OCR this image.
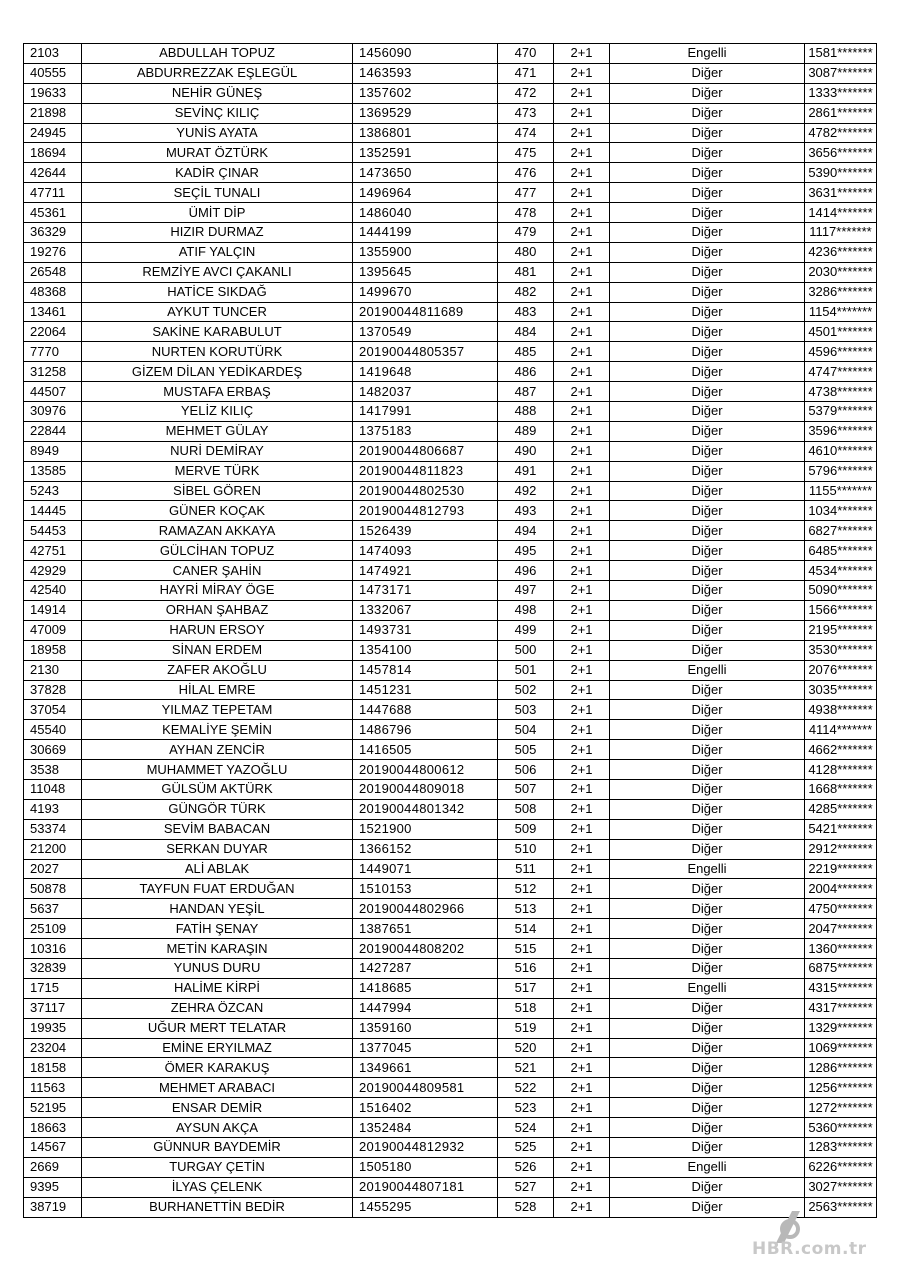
2103	ABDULLAH TOPUZ	1456090	470	2+1	Engelli	1581*******
40555	ABDURREZZAK EŞLEGÜL	1463593	471	2+1	Diğer	3087*******
19633	NEHİR GÜNEŞ	1357602	472	2+1	Diğer	1333*******
21898	SEVİNÇ KILIÇ	1369529	473	2+1	Diğer	2861*******
24945	YUNİS AYATA	1386801	474	2+1	Diğer	4782*******
18694	MURAT ÖZTÜRK	1352591	475	2+1	Diğer	3656*******
42644	KADİR ÇINAR	1473650	476	2+1	Diğer	5390*******
47711	SEÇİL TUNALI	1496964	477	2+1	Diğer	3631*******
45361	ÜMİT DİP	1486040	478	2+1	Diğer	1414*******
36329	HIZIR DURMAZ	1444199	479	2+1	Diğer	1117*******
19276	ATIF YALÇIN	1355900	480	2+1	Diğer	4236*******
26548	REMZİYE AVCI ÇAKANLI	1395645	481	2+1	Diğer	2030*******
48368	HATİCE SIKDAĞ	1499670	482	2+1	Diğer	3286*******
13461	AYKUT TUNCER	20190044811689	483	2+1	Diğer	1154*******
22064	SAKİNE KARABULUT	1370549	484	2+1	Diğer	4501*******
7770	NURTEN KORUTÜRK	20190044805357	485	2+1	Diğer	4596*******
31258	GİZEM DİLAN YEDİKARDEŞ	1419648	486	2+1	Diğer	4747*******
44507	MUSTAFA ERBAŞ	1482037	487	2+1	Diğer	4738*******
30976	YELİZ KILIÇ	1417991	488	2+1	Diğer	5379*******
22844	MEHMET GÜLAY	1375183	489	2+1	Diğer	3596*******
8949	NURİ DEMİRAY	20190044806687	490	2+1	Diğer	4610*******
13585	MERVE TÜRK	20190044811823	491	2+1	Diğer	5796*******
5243	SİBEL GÖREN	20190044802530	492	2+1	Diğer	1155*******
14445	GÜNER KOÇAK	20190044812793	493	2+1	Diğer	1034*******
54453	RAMAZAN AKKAYA	1526439	494	2+1	Diğer	6827*******
42751	GÜLCİHAN TOPUZ	1474093	495	2+1	Diğer	6485*******
42929	CANER ŞAHİN	1474921	496	2+1	Diğer	4534*******
42540	HAYRİ MİRAY ÖGE	1473171	497	2+1	Diğer	5090*******
14914	ORHAN ŞAHBAZ	1332067	498	2+1	Diğer	1566*******
47009	HARUN ERSOY	1493731	499	2+1	Diğer	2195*******
18958	SİNAN ERDEM	1354100	500	2+1	Diğer	3530*******
2130	ZAFER AKOĞLU	1457814	501	2+1	Engelli	2076*******
37828	HİLAL EMRE	1451231	502	2+1	Diğer	3035*******
37054	YILMAZ TEPETAM	1447688	503	2+1	Diğer	4938*******
45540	KEMALİYE ŞEMİN	1486796	504	2+1	Diğer	4114*******
30669	AYHAN ZENCİR	1416505	505	2+1	Diğer	4662*******
3538	MUHAMMET YAZOĞLU	20190044800612	506	2+1	Diğer	4128*******
11048	GÜLSÜM AKTÜRK	20190044809018	507	2+1	Diğer	1668*******
4193	GÜNGÖR TÜRK	20190044801342	508	2+1	Diğer	4285*******
53374	SEVİM BABACAN	1521900	509	2+1	Diğer	5421*******
21200	SERKAN DUYAR	1366152	510	2+1	Diğer	2912*******
2027	ALİ ABLAK	1449071	511	2+1	Engelli	2219*******
50878	TAYFUN FUAT ERDUĞAN	1510153	512	2+1	Diğer	2004*******
5637	HANDAN YEŞİL	20190044802966	513	2+1	Diğer	4750*******
25109	FATİH ŞENAY	1387651	514	2+1	Diğer	2047*******
10316	METİN KARAŞIN	20190044808202	515	2+1	Diğer	1360*******
32839	YUNUS DURU	1427287	516	2+1	Diğer	6875*******
1715	HALİME KİRPİ	1418685	517	2+1	Engelli	4315*******
37117	ZEHRA ÖZCAN	1447994	518	2+1	Diğer	4317*******
19935	UĞUR MERT TELATAR	1359160	519	2+1	Diğer	1329*******
23204	EMİNE ERYILMAZ	1377045	520	2+1	Diğer	1069*******
18158	ÖMER KARAKUŞ	1349661	521	2+1	Diğer	1286*******
11563	MEHMET ARABACI	20190044809581	522	2+1	Diğer	1256*******
52195	ENSAR DEMİR	1516402	523	2+1	Diğer	1272*******
18663	AYSUN AKÇA	1352484	524	2+1	Diğer	5360*******
14567	GÜNNUR BAYDEMİR	20190044812932	525	2+1	Diğer	1283*******
2669	TURGAY ÇETİN	1505180	526	2+1	Engelli	6226*******
9395	İLYAS ÇELENK	20190044807181	527	2+1	Diğer	3027*******
38719	BURHANETTİN BEDİR	1455295	528	2+1	Diğer	2563*******
HBR.com.tr
